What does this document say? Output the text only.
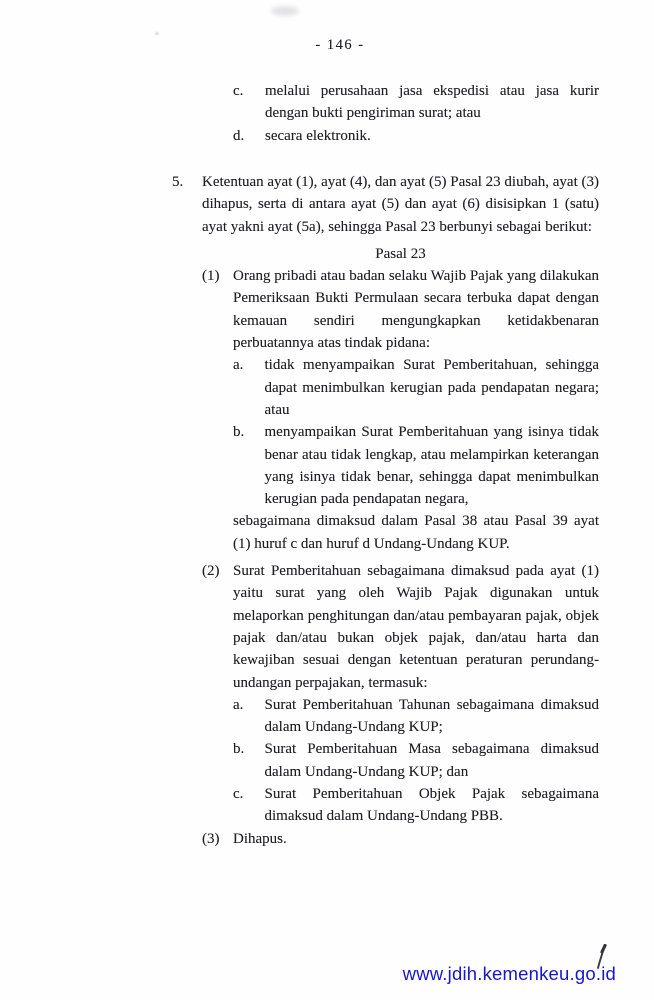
- 146 -
c.	melalui perusahaan jasa ekspedisi atau jasa kurir dengan bukti pengiriman surat; atau
d.	secara elektronik.
5.	Ketentuan ayat (1), ayat (4), dan ayat (5) Pasal 23 diubah, ayat (3) dihapus, serta di antara ayat (5) dan ayat (6) disisipkan 1 (satu) ayat yakni ayat (5a), sehingga Pasal 23 berbunyi sebagai berikut:
Pasal 23
(1) Orang pribadi atau badan selaku Wajib Pajak yang dilakukan Pemeriksaan Bukti Permulaan secara terbuka dapat dengan kemauan sendiri mengungkapkan ketidakbenaran perbuatannya atas tindak pidana:
a.	tidak menyampaikan Surat Pemberitahuan, sehingga dapat menimbulkan kerugian pada pendapatan negara; atau
b.	menyampaikan Surat Pemberitahuan yang isinya tidak benar atau tidak lengkap, atau melampirkan keterangan yang isinya tidak benar, sehingga dapat menimbulkan kerugian pada pendapatan negara,
sebagaimana dimaksud dalam Pasal 38 atau Pasal 39 ayat (1) huruf c dan huruf d Undang-Undang KUP.
(2) Surat Pemberitahuan sebagaimana dimaksud pada ayat (1) yaitu surat yang oleh Wajib Pajak digunakan untuk melaporkan penghitungan dan/atau pembayaran pajak, objek pajak dan/atau bukan objek pajak, dan/atau harta dan kewajiban sesuai dengan ketentuan peraturan perundang-undangan perpajakan, termasuk:
a.	Surat Pemberitahuan Tahunan sebagaimana dimaksud dalam Undang-Undang KUP;
b.	Surat Pemberitahuan Masa sebagaimana dimaksud dalam Undang-Undang KUP; dan
c.	Surat Pemberitahuan Objek Pajak sebagaimana dimaksud dalam Undang-Undang PBB.
(3) Dihapus.
www.jdih.kemenkeu.go.id
